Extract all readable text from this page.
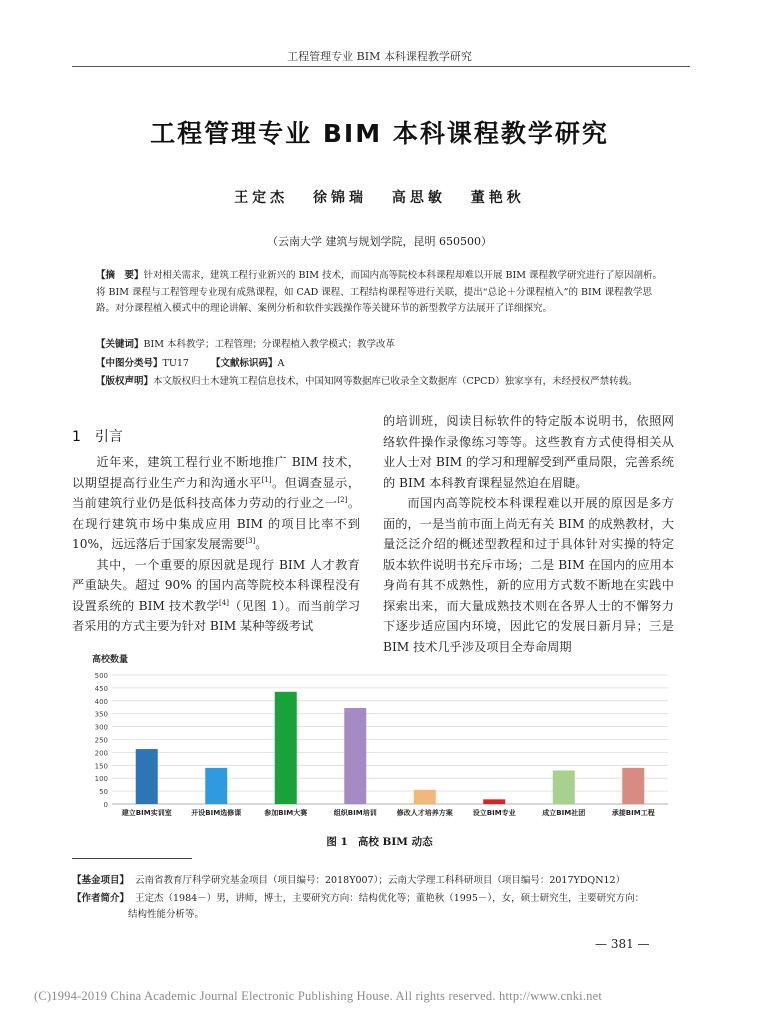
工程管理专业 BIM 本科课程教学研究
工程管理专业 BIM 本科课程教学研究
王定杰 徐锦瑞 高思敏 董艳秋
（云南大学 建筑与规划学院，昆明 650500）
【摘　要】针对相关需求，建筑工程行业新兴的 BIM 技术，而国内高等院校本科课程却难以开展 BIM 课程教学研究进行了原因剖析。将 BIM 课程与工程管理专业现有成熟课程，如 CAD 课程、工程结构课程等进行关联，提出“总论＋分课程植入”的 BIM 课程教学思路。对分课程植入模式中的理论讲解、案例分析和软件实践操作等关键环节的新型教学方法展开了详细探究。
【关键词】BIM 本科教学；工程管理；分课程植入教学模式；教学改革
【中图分类号】TU17 【文献标识码】A
【版权声明】本文版权归土木建筑工程信息技术，中国知网等数据库已收录全文数据库（CPCD）独家享有，未经授权严禁转载。
1 引言

近年来，建筑工程行业不断地推广 BIM 技术，以期望提高行业生产力和沟通水平[1]。但调查显示，当前建筑行业仍是低科技高体力劳动的行业之一[2]。在现行建筑市场中集成应用 BIM 的项目比率不到 10%，远远落后于国家发展需要[3]。

其中，一个重要的原因就是现行 BIM 人才教育严重缺失。超过 90% 的国内高等院校本科课程没有设置系统的 BIM 技术教学[4]（见图 1）。而当前学习者采用的方式主要为针对 BIM 某种等级考试

的培训班，阅读目标软件的特定版本说明书，依照网络软件操作录像练习等等。这些教育方式使得相关从业人士对 BIM 的学习和理解受到严重局限，完善系统的 BIM 本科教育课程显然迫在眉睫。

而国内高等院校本科课程难以开展的原因是多方面的，一是当前市面上尚无有关 BIM 的成熟教材，大量泛泛介绍的概述型教程和过于具体针对实操的特定版本软件说明书充斥市场；二是 BIM 在国内的应用本身尚有其不成熟性，新的应用方式数不断地在实践中探索出来，而大量成熟技术则在各界人士的不懈努力下逐步适应国内环境，因此它的发展日新月异；三是 BIM 技术几乎涉及项目全寿命周期

高校数量
0
50
100
150
200
250
300
350
400
450
500
建立BIM实训室	开设BIM选修课	参加BIM大赛	组织BIM培训	修改人才培养方案	设立BIM专业	成立BIM社团	承接BIM工程
图 1 高校 BIM 动态
【基金项目】 云南省教育厅科学研究基金项目（项目编号：2018Y007）；云南大学理工科科研项目（项目编号：2017YDQN12）
【作者简介】 王定杰（1984－）男，讲师，博士，主要研究方向：结构优化等；董艳秋（1995－），女，硕士研究生，主要研究方向：
结构性能分析等。
— 381 —
(C)1994-2019 China Academic Journal Electronic Publishing House. All rights reserved. http://www.cnki.net
